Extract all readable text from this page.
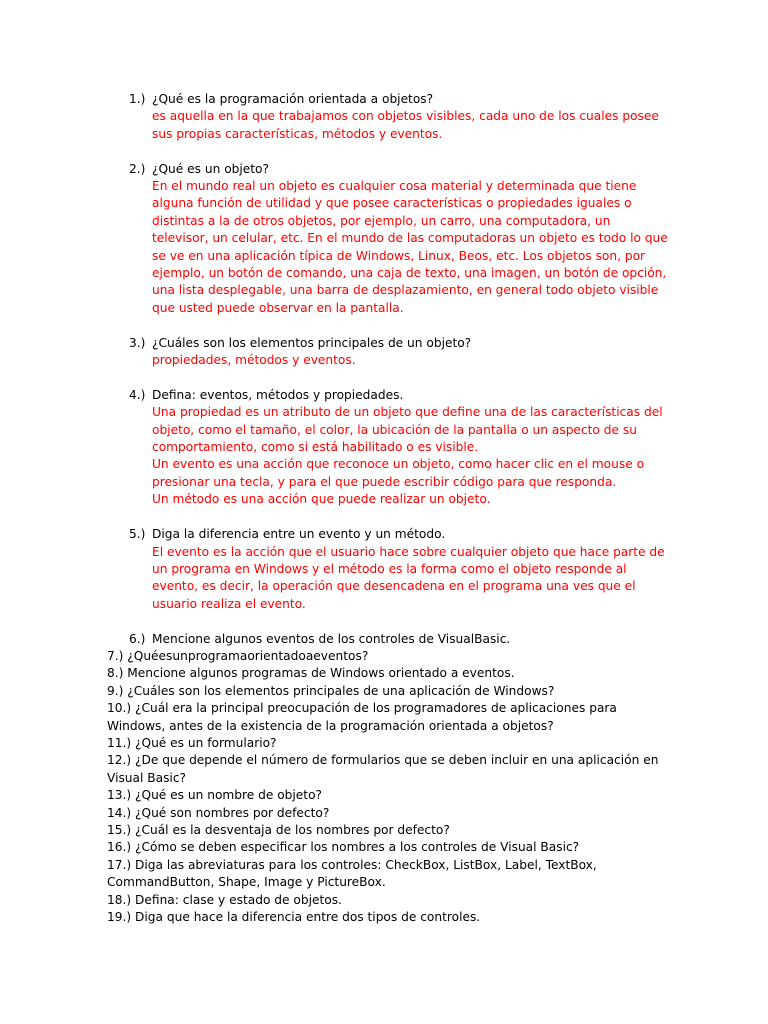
1.) ¿Qué es la programación orientada a objetos?
es aquella en la que trabajamos con objetos visibles, cada uno de los cuales posee sus propias características, métodos y eventos.
2.) ¿Qué es un objeto?
En el mundo real un objeto es cualquier cosa material y determinada que tiene alguna función de utilidad y que posee características o propiedades iguales o distintas a la de otros objetos, por ejemplo, un carro, una computadora, un televisor, un celular, etc. En el mundo de las computadoras un objeto es todo lo que se ve en una aplicación típica de Windows, Linux, Beos, etc. Los objetos son, por ejemplo, un botón de comando, una caja de texto, una imagen, un botón de opción, una lista desplegable, una barra de desplazamiento, en general todo objeto visible que usted puede observar en la pantalla.
3.) ¿Cuáles son los elementos principales de un objeto?
propiedades, métodos y eventos.
4.) Defina: eventos, métodos y propiedades.
Una propiedad es un atributo de un objeto que define una de las características del objeto, como el tamaño, el color, la ubicación de la pantalla o un aspecto de su comportamiento, como si está habilitado o es visible.
Un evento es una acción que reconoce un objeto, como hacer clic en el mouse o presionar una tecla, y para el que puede escribir código para que responda.
Un método es una acción que puede realizar un objeto.
5.) Diga la diferencia entre un evento y un método.
El evento es la acción que el usuario hace sobre cualquier objeto que hace parte de un programa en Windows y el método es la forma como el objeto responde al evento, es decir, la operación que desencadena en el programa una ves que el usuario realiza el evento.
6.) Mencione algunos eventos de los controles de VisualBasic.
7.) ¿Quéesunprogramaorientadoaeventos?
8.) Mencione algunos programas de Windows orientado a eventos.
9.) ¿Cuáles son los elementos principales de una aplicación de Windows?
10.) ¿Cuál era la principal preocupación de los programadores de aplicaciones para Windows, antes de la existencia de la programación orientada a objetos?
11.) ¿Qué es un formulario?
12.) ¿De que depende el número de formularios que se deben incluir en una aplicación en Visual Basic?
13.) ¿Qué es un nombre de objeto?
14.) ¿Qué son nombres por defecto?
15.) ¿Cuál es la desventaja de los nombres por defecto?
16.) ¿Cómo se deben especificar los nombres a los controles de Visual Basic?
17.) Diga las abreviaturas para los controles: CheckBox, ListBox, Label, TextBox, CommandButton, Shape, Image y PictureBox.
18.) Defina: clase y estado de objetos.
19.) Diga que hace la diferencia entre dos tipos de controles.
